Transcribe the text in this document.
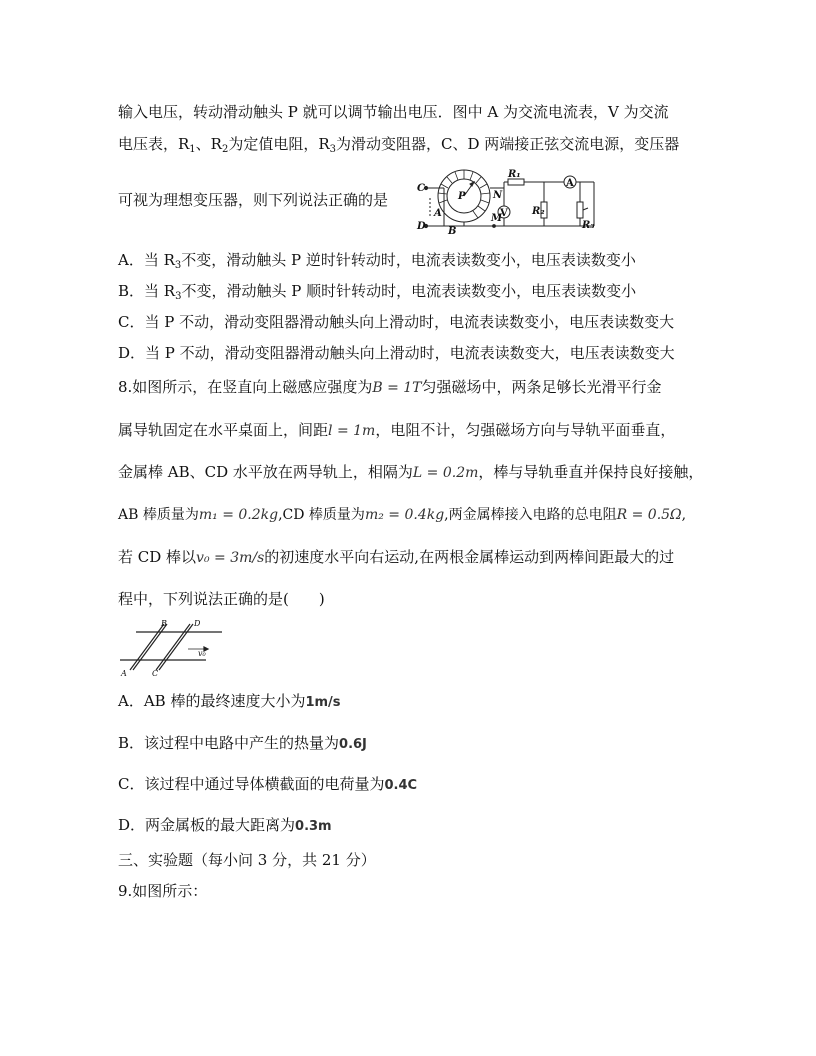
输入电压，转动滑动触头 P 就可以调节输出电压．图中 A 为交流电流表，V 为交流
电压表，$R_1$、$R_2$为定值电阻，$R_3$为滑动变阻器，C、D 两端接正弦交流电源，变压器
可视为理想变压器，则下列说法正确的是
C
D
A
B
P	N
M
R₁
R₂
R₃
A
V
A．当 $R_3$不变，滑动触头 P 逆时针转动时，电流表读数变小，电压表读数变小
B．当 $R_3$不变，滑动触头 P 顺时针转动时，电流表读数变小，电压表读数变小
C．当 P 不动，滑动变阻器滑动触头向上滑动时，电流表读数变小，电压表读数变大
D．当 P 不动，滑动变阻器滑动触头向上滑动时，电流表读数变大，电压表读数变大
8.如图所示，在竖直向上磁感应强度为B = 1T匀强磁场中，两条足够长光滑平行金
属导轨固定在水平桌面上，间距l = 1m，电阻不计，匀强磁场方向与导轨平面垂直，
金属棒 AB、CD 水平放在两导轨上，相隔为L = 0.2m，棒与导轨垂直并保持良好接触，
AB 棒质量为m₁ = 0.2kg,CD 棒质量为m₂ = 0.4kg,两金属棒接入电路的总电阻R = 0.5Ω,
若 CD 棒以v₀ = 3m/s的初速度水平向右运动,在两根金属棒运动到两棒间距最大的过
程中，下列说法正确的是(　　)
A
B
C
D
v₀
A．AB 棒的最终速度大小为1m/s
B．该过程中电路中产生的热量为0.6J
C．该过程中通过导体横截面的电荷量为0.4C
D．两金属板的最大距离为0.3m
三、实验题（每小问 3 分，共 21 分）
9.如图所示：
